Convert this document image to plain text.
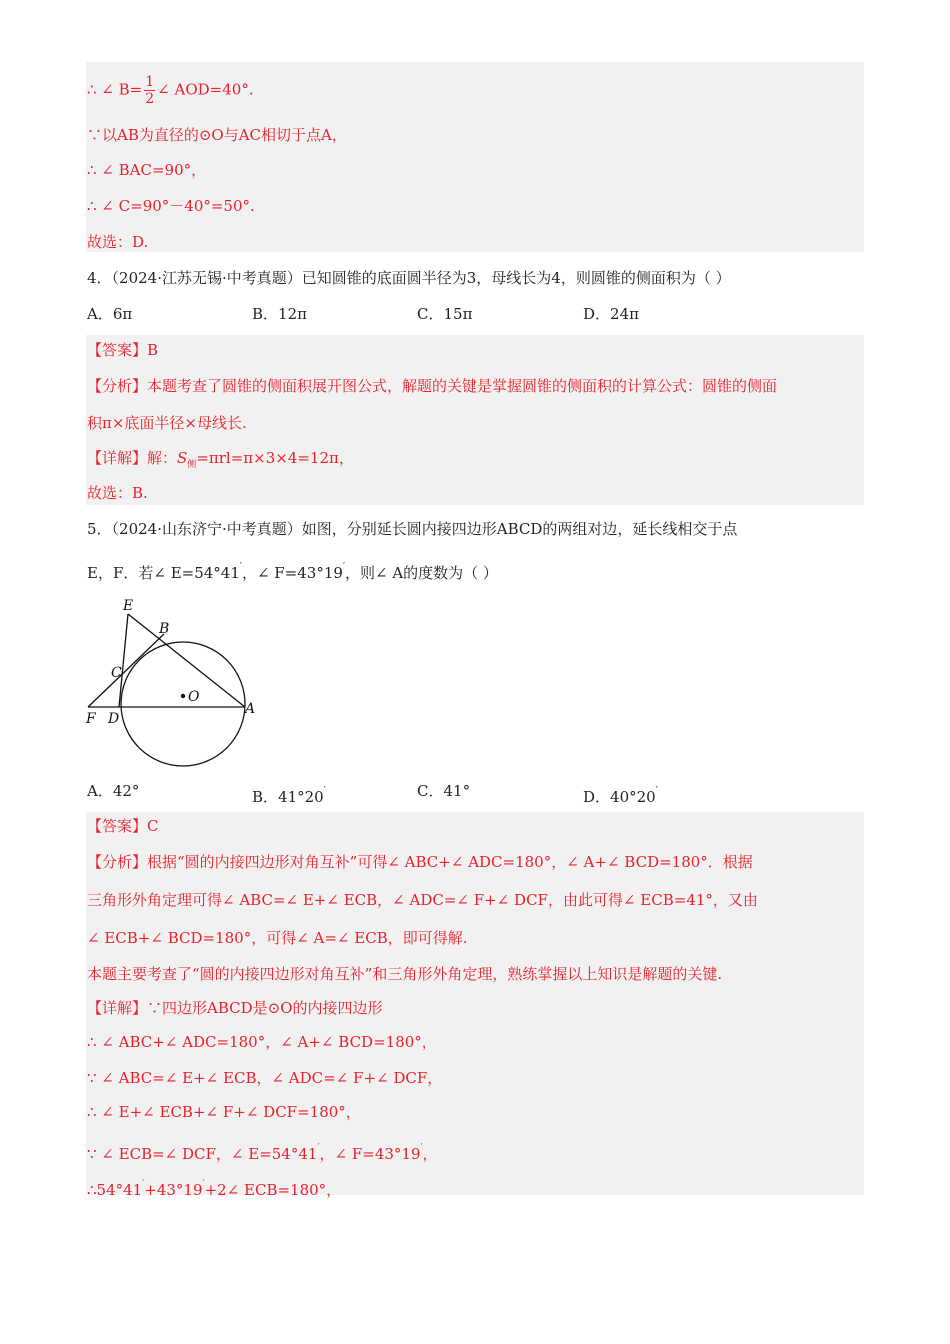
∴ ∠ $B= \frac{1}{2}$ ∠ AOD=40°.
∵以AB为直径的⊙O与AC相切于点A，
∴ ∠ BAC=90°，
∴ ∠ C=90°－40°=50°.
故选：D.
4．（2024·江苏无锡·中考真题）已知圆锥的底面圆半径为3，母线长为4，则圆锥的侧面积为（ ）
A．6π	B．12π	C．15π	D．24π
【答案】B
【分析】本题考查了圆锥的侧面积展开图公式，解题的关键是掌握圆锥的侧面积的计算公式：圆锥的侧面
积π×底面半径×母线长.
【详解】解：$S_侧=\pi rl=\pi\times 3\times 4=12\pi$，
故选：B.
5．（2024·山东济宁·中考真题）如图，分别延长圆内接四边形ABCD的两组对边，延长线相交于点
E，F．若∠ E=54°41′，∠ F=43°19′，则∠ A的度数为（ ）
E
B
C
O
F D
A
A．42°	B．41°20′	C．41°	D．40°20′
【答案】C
【分析】根据“圆的内接四边形对角互补”可得∠ ABC+∠ ADC=180°，∠ A+∠ BCD=180°．根据
三角形外角定理可得∠ ABC=∠ E+∠ ECB，∠ ADC=∠ F+∠ DCF，由此可得∠ ECB=41°，又由
∠ ECB+∠ BCD=180°，可得∠ A=∠ ECB，即可得解.
本题主要考查了“圆的内接四边形对角互补”和三角形外角定理，熟练掌握以上知识是解题的关键.
【详解】∵四边形ABCD是⊙O的内接四边形
∴ ∠ ABC+∠ ADC=180°，∠ A+∠ BCD=180°，
∵ ∠ ABC=∠ E+∠ ECB，∠ ADC=∠ F+∠ DCF，
∴ ∠ E+∠ ECB+∠ F+∠ DCF=180°，
∵ ∠ ECB=∠ DCF，∠ E=54°41′，∠ F=43°19′，
∴54°41′+43°19′+2∠ ECB=180°，
